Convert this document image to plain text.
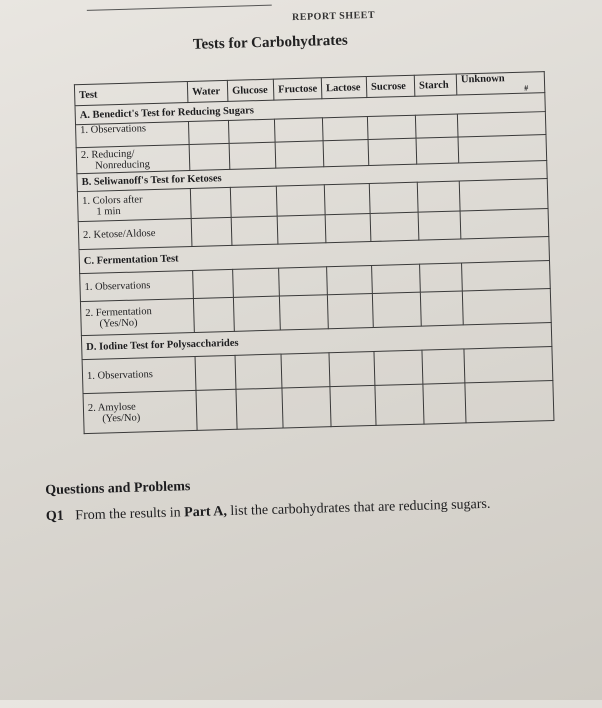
REPORT SHEET
Tests for Carbohydrates
Test	Water	Glucose	Fructose	Lactose	Sucrose	Starch	Unknown
#

A. Benedict's Test for Reducing Sugars							
1. Observations

2. Reducing/
Nonreducing							
B. Seliwanoff's Test for Ketoses							
1. Colors after
1 min							
2. Ketose/Aldose							
C. Fermentation Test							
1. Observations							
2. Fermentation
(Yes/No)							
D. Iodine Test for Polysaccharides							
1. Observations							
2. Amylose
(Yes/No)							
Questions and Problems
Q1 From the results in Part A, list the carbohydrates that are reducing sugars.
